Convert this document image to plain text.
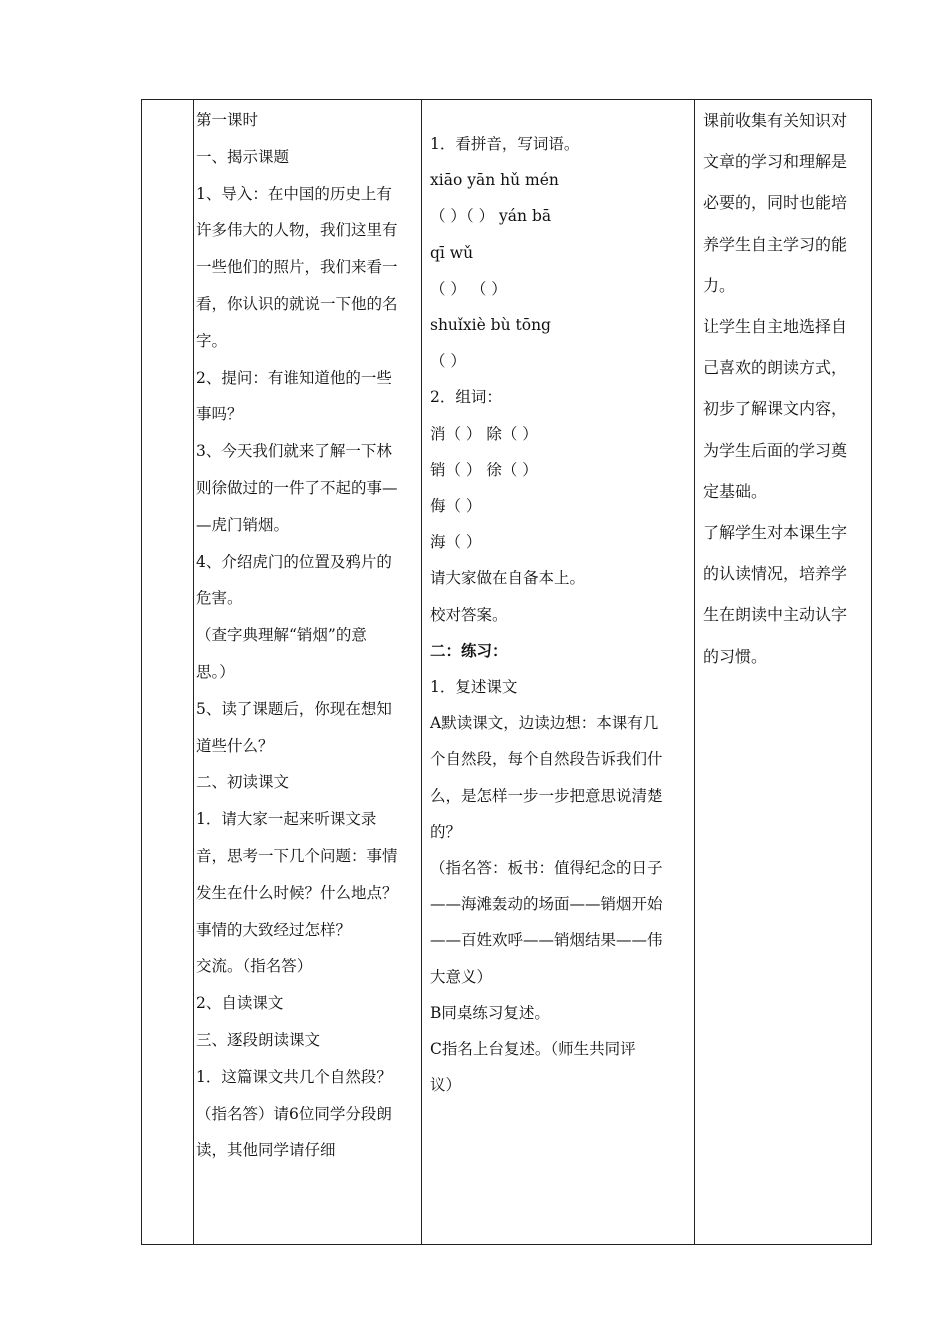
第一课时
一、揭示课题
1、导入：在中国的历史上有
许多伟大的人物，我们这里有
一些他们的照片，我们来看一
看，你认识的就说一下他的名
字。
2、提问：有谁知道他的一些
事吗？
3、今天我们就来了解一下林
则徐做过的一件了不起的事—
—虎门销烟。
4、介绍虎门的位置及鸦片的
危害。
（查字典理解“销烟”的意
思。）
5、读了课题后，你现在想知
道些什么？
二、初读课文
1．请大家一起来听课文录
音，思考一下几个问题：事情
发生在什么时候？什么地点？
事情的大致经过怎样？
交流。（指名答）
2、自读课文
三、逐段朗读课文
1．这篇课文共几个自然段？
（指名答）请6位同学分段朗
读，其他同学请仔细
1．看拼音，写词语。
xiāo yān hǔ mén
（ ）（ ） yán bā
qī wǔ
（ ） （ ）
shuǐxiè bù tōng
（ ）
2．组词：
消（ ） 除（ ）
销（ ） 徐（ ）
侮（ ）
海（ ）
请大家做在自备本上。
校对答案。
二：练习：
1．复述课文
A默读课文，边读边想：本课有几
个自然段，每个自然段告诉我们什
么，是怎样一步一步把意思说清楚
的？
（指名答：板书：值得纪念的日子
——海滩轰动的场面——销烟开始
——百姓欢呼——销烟结果——伟
大意义）
B同桌练习复述。
C指名上台复述。（师生共同评
议）
课前收集有关知识对
文章的学习和理解是
必要的，同时也能培
养学生自主学习的能
力。
让学生自主地选择自
己喜欢的朗读方式，
初步了解课文内容，
为学生后面的学习奠
定基础。
了解学生对本课生字
的认读情况，培养学
生在朗读中主动认字
的习惯。
